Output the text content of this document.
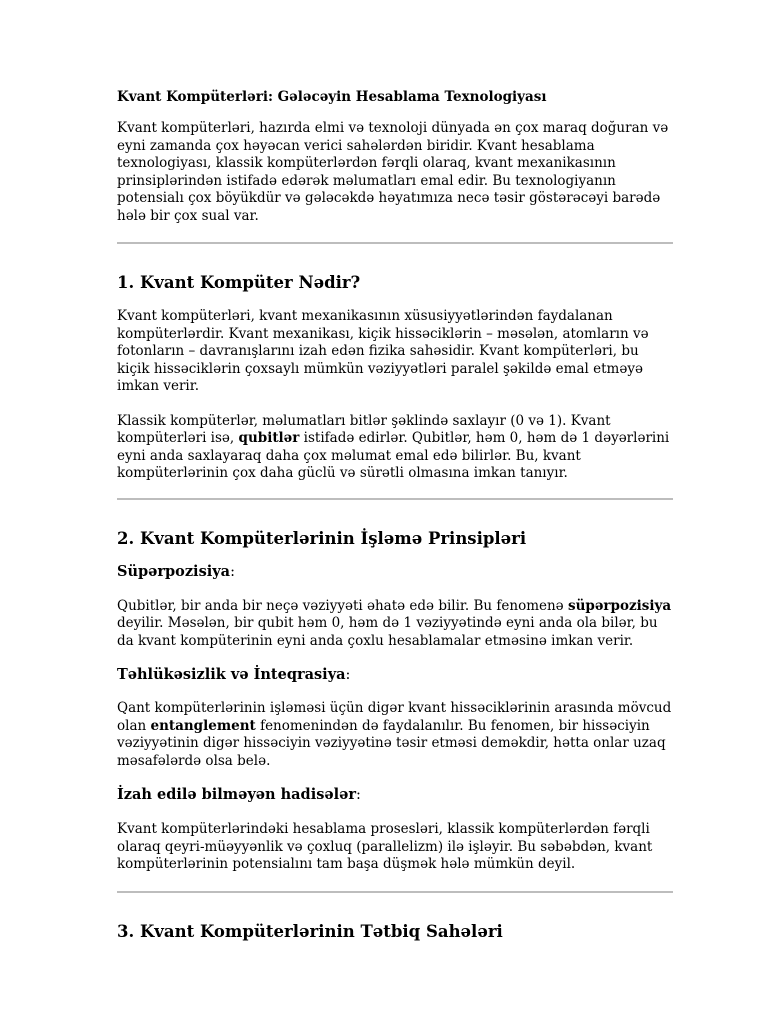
Kvant Kompüterləri: Gələcəyin Hesablama Texnologiyası

Kvant kompüterləri, hazırda elmi və texnoloji dünyada ən çox maraq doğuran və eyni zamanda çox həyəcan verici sahələrdən biridir. Kvant hesablama texnologiyası, klassik kompüterlərdən fərqli olaraq, kvant mexanikasının prinsiplərindən istifadə edərək məlumatları emal edir. Bu texnologiyanın potensialı çox böyükdür və gələcəkdə həyatımıza necə təsir göstərəcəyi barədə hələ bir çox sual var.

1. Kvant Kompüter Nədir?

Kvant kompüterləri, kvant mexanikasının xüsusiyyətlərindən faydalanan kompüterlərdir. Kvant mexanikası, kiçik hissəciklərin – məsələn, atomların və fotonların – davranışlarını izah edən fizika sahəsidir. Kvant kompüterləri, bu kiçik hissəciklərin çoxsaylı mümkün vəziyyətləri paralel şəkildə emal etməyə imkan verir.

Klassik kompüterlər, məlumatları bitlər şəklində saxlayır (0 və 1). Kvant kompüterləri isə, qubitlər istifadə edirlər. Qubitlər, həm 0, həm də 1 dəyərlərini eyni anda saxlayaraq daha çox məlumat emal edə bilirlər. Bu, kvant kompüterlərinin çox daha güclü və sürətli olmasına imkan tanıyır.

2. Kvant Kompüterlərinin İşləmə Prinsipləri
Süpərpozisiya:

Qubitlər, bir anda bir neçə vəziyyəti əhatə edə bilir. Bu fenomenə süpərpozisiya deyilir. Məsələn, bir qubit həm 0, həm də 1 vəziyyətində eyni anda ola bilər, bu da kvant kompüterinin eyni anda çoxlu hesablamalar etməsinə imkan verir.

Təhlükəsizlik və İnteqrasiya:

Qant kompüterlərinin işləməsi üçün digər kvant hissəciklərinin arasında mövcud olan entanglement fenomenindən də faydalanılır. Bu fenomen, bir hissəciyin vəziyyətinin digər hissəciyin vəziyyətinə təsir etməsi deməkdir, hətta onlar uzaq məsafələrdə olsa belə.

İzah edilə bilməyən hadisələr:

Kvant kompüterlərindəki hesablama prosesləri, klassik kompüterlərdən fərqli olaraq qeyri-müəyyənlik və çoxluq (parallelizm) ilə işləyir. Bu səbəbdən, kvant kompüterlərinin potensialını tam başa düşmək hələ mümkün deyil.

3. Kvant Kompüterlərinin Tətbiq Sahələri
